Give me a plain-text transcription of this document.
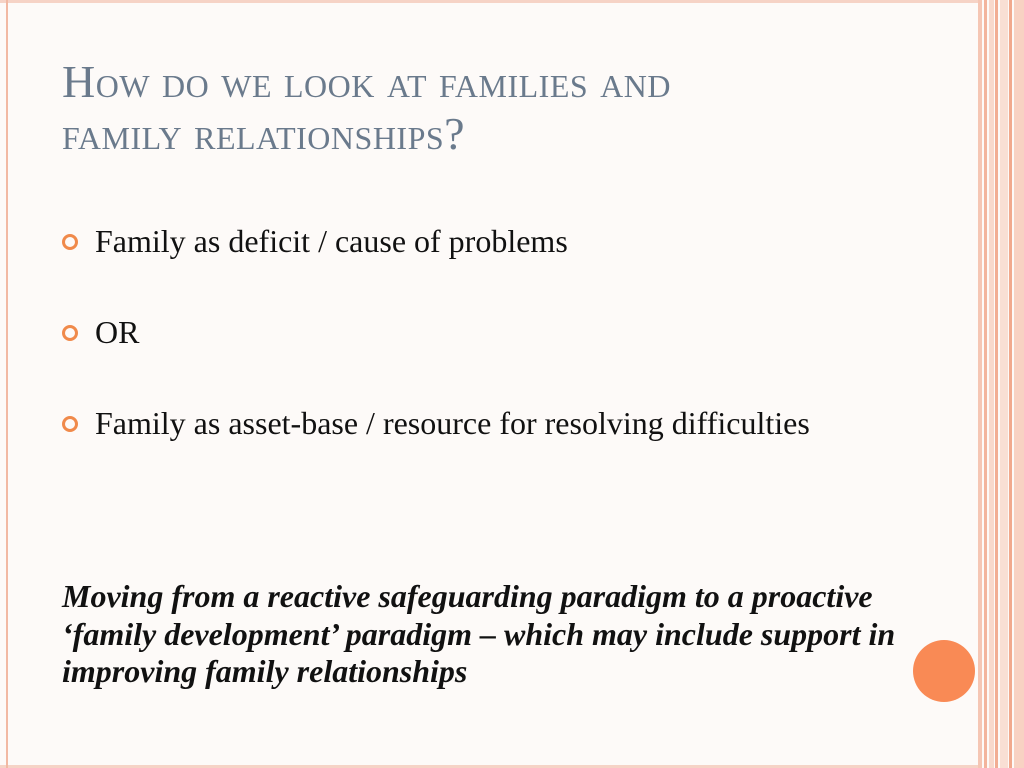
How do we look at families and
family relationships?
Family as deficit / cause of problems
OR
Family as asset-base / resource for resolving difficulties
Moving from a reactive safeguarding paradigm to a proactive ‘family development’ paradigm – which may include support in improving family relationships
